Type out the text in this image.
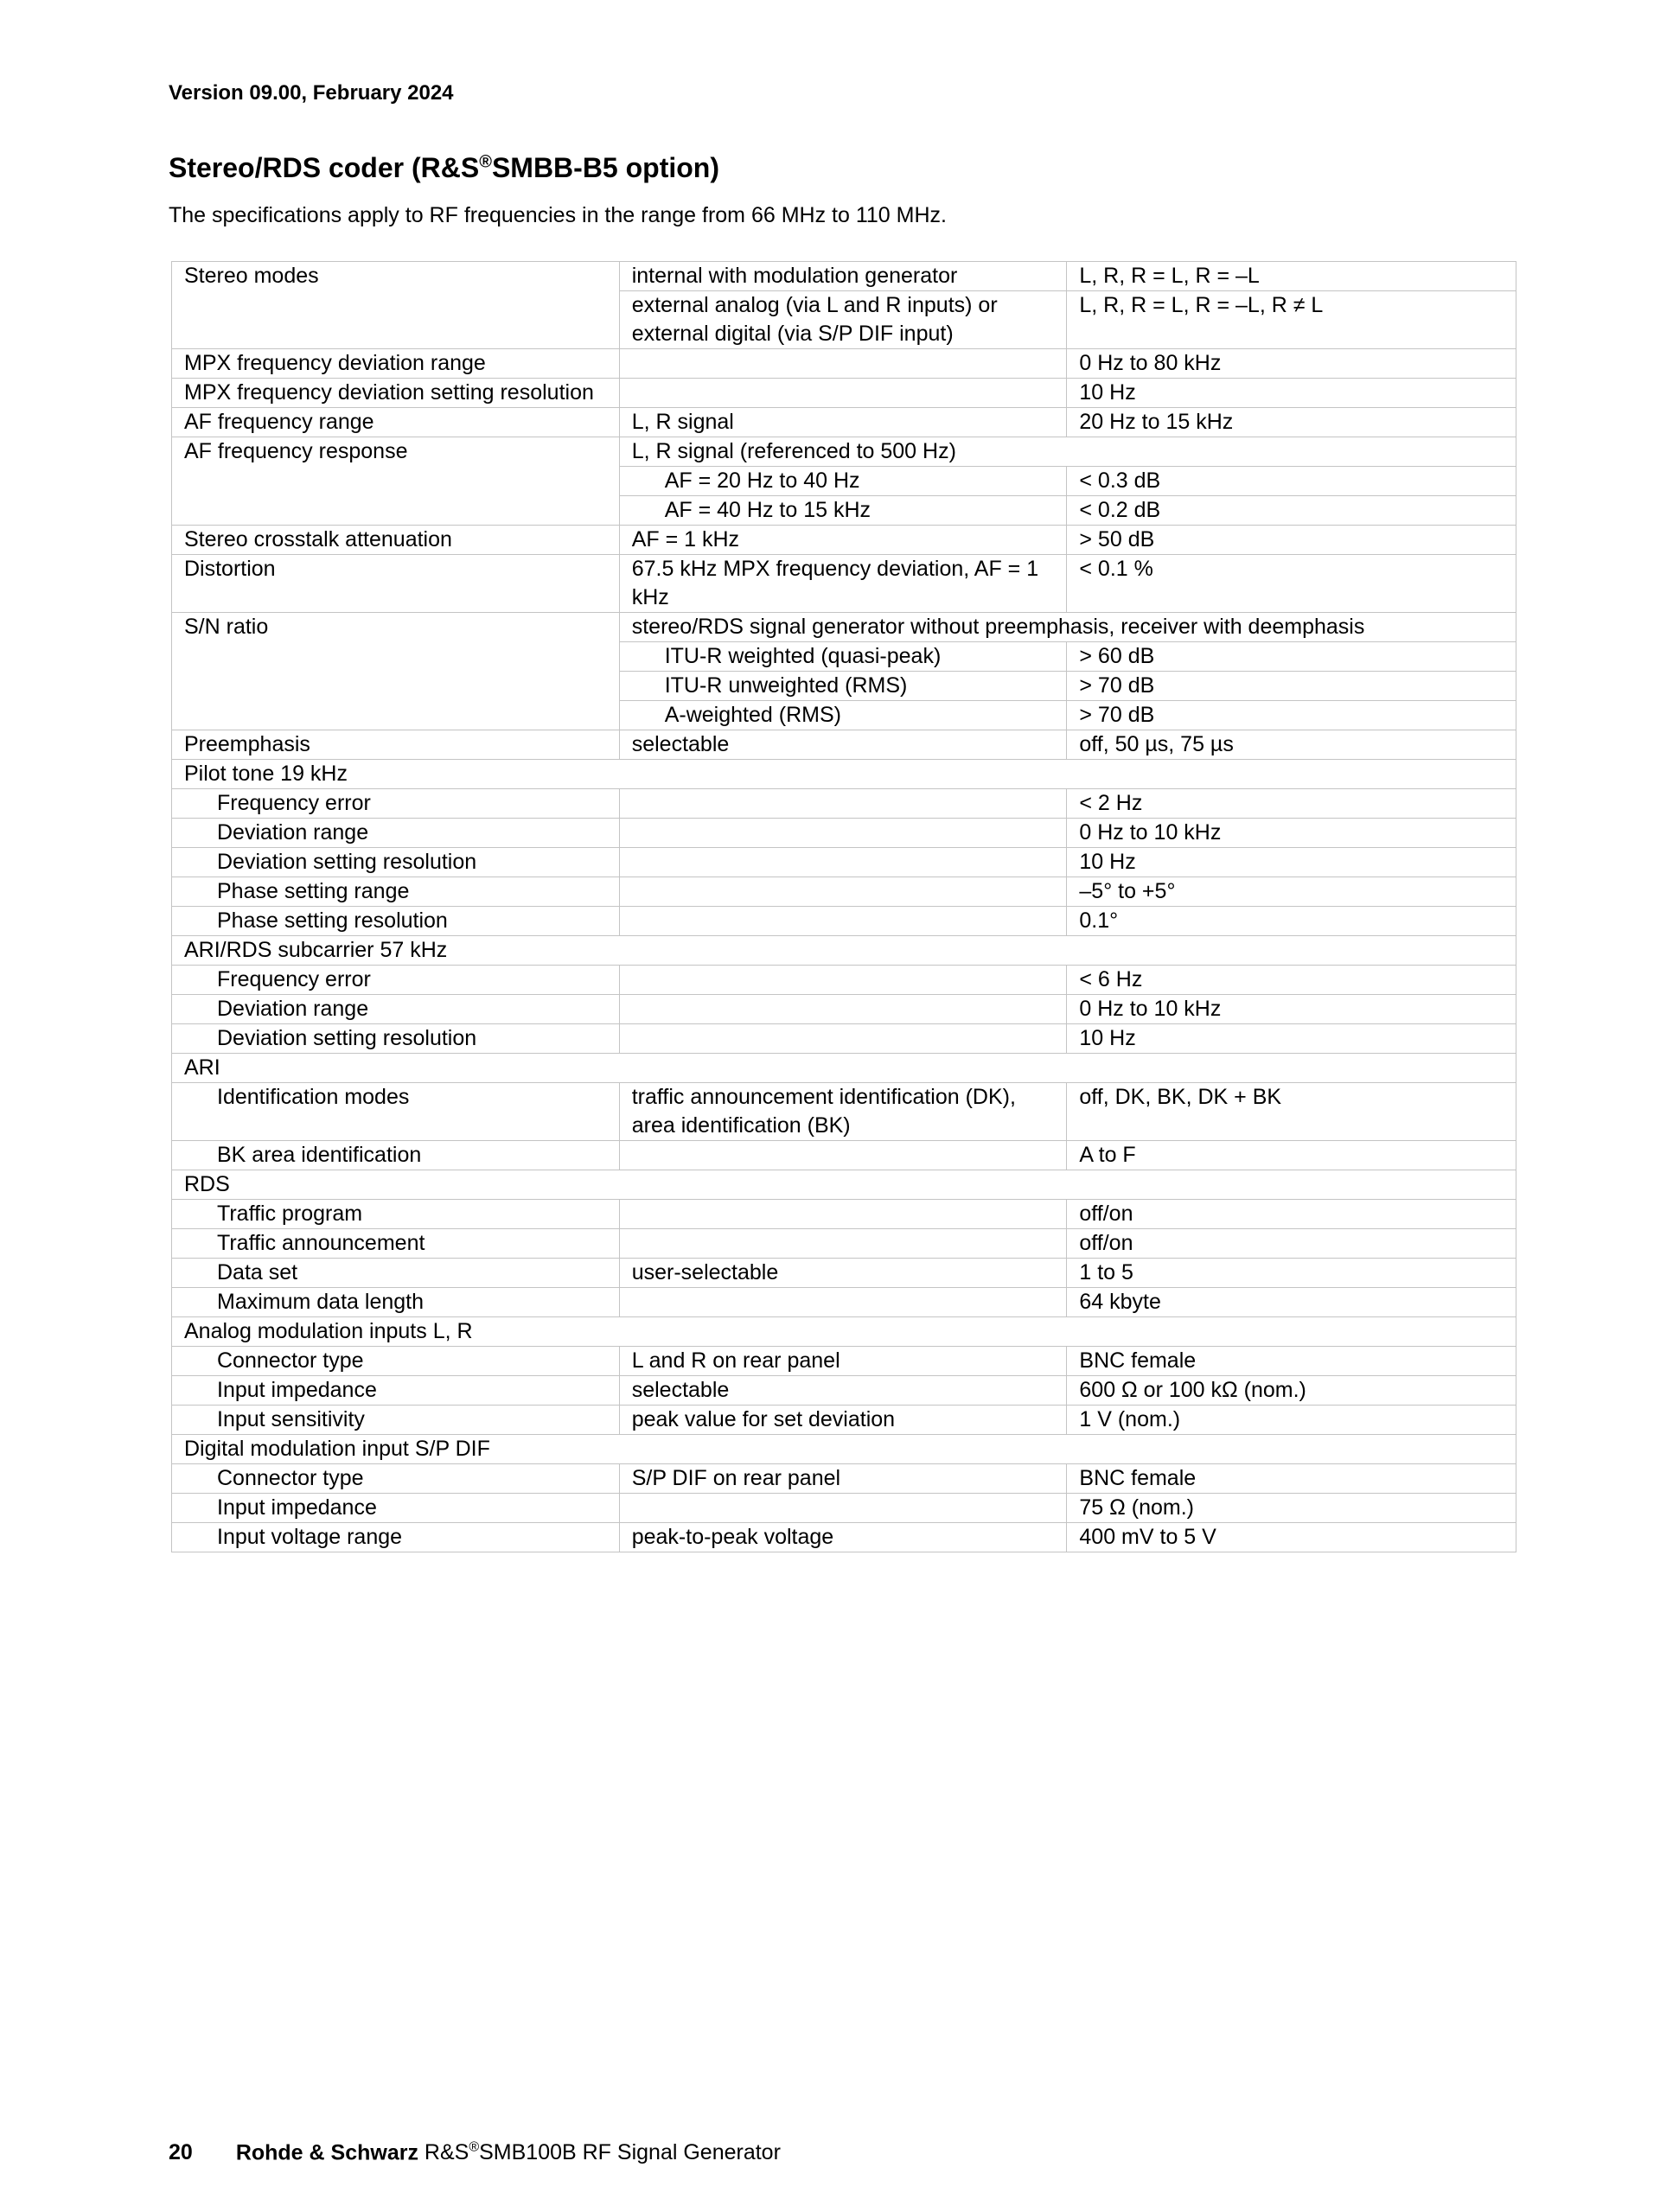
Version 09.00, February 2024
Stereo/RDS coder (R&S®SMBB-B5 option)
The specifications apply to RF frequencies in the range from 66 MHz to 110 MHz.
Stereo modes	internal with modulation generator	L, R, R = L, R = –L
	external analog (via L and R inputs) or external digital (via S/P DIF input)	L, R, R = L, R = –L, R ≠ L
MPX frequency deviation range		0 Hz to 80 kHz
MPX frequency deviation setting resolution		10 Hz
AF frequency range	L, R signal	20 Hz to 15 kHz
AF frequency response	L, R signal (referenced to 500 Hz)	
	AF = 20 Hz to 40 Hz	< 0.3 dB
	AF = 40 Hz to 15 kHz	< 0.2 dB
Stereo crosstalk attenuation	AF = 1 kHz	> 50 dB
Distortion	67.5 kHz MPX frequency deviation, AF = 1 kHz	< 0.1 %
S/N ratio	stereo/RDS signal generator without preemphasis, receiver with deemphasis	
	ITU-R weighted (quasi-peak)	> 60 dB
	ITU-R unweighted (RMS)	> 70 dB
	A-weighted (RMS)	> 70 dB
Preemphasis	selectable	off, 50 µs, 75 µs
Pilot tone 19 kHz		
Frequency error		< 2 Hz
Deviation range		0 Hz to 10 kHz
Deviation setting resolution		10 Hz
Phase setting range		–5° to +5°
Phase setting resolution		0.1°
ARI/RDS subcarrier 57 kHz		
Frequency error		< 6 Hz
Deviation range		0 Hz to 10 kHz
Deviation setting resolution		10 Hz
ARI		
Identification modes	traffic announcement identification (DK), area identification (BK)	off, DK, BK, DK + BK
BK area identification		A to F
RDS		
Traffic program		off/on
Traffic announcement		off/on
Data set	user-selectable	1 to 5
Maximum data length		64 kbyte
Analog modulation inputs L, R		
Connector type	L and R on rear panel	BNC female
Input impedance	selectable	600 Ω or 100 kΩ (nom.)
Input sensitivity	peak value for set deviation	1 V (nom.)
Digital modulation input S/P DIF		
Connector type	S/P DIF on rear panel	BNC female
Input impedance		75 Ω (nom.)
Input voltage range	peak-to-peak voltage	400 mV to 5 V
20 Rohde & Schwarz R&S®SMB100B RF Signal Generator
